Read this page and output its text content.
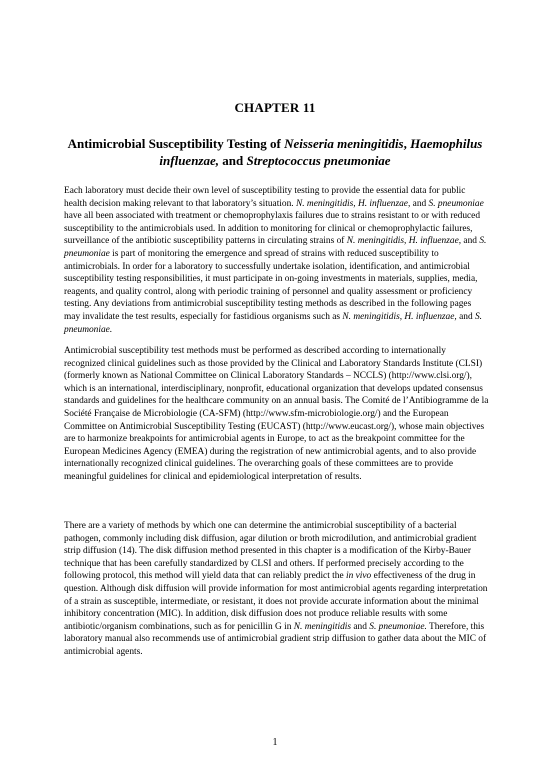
CHAPTER 11
Antimicrobial Susceptibility Testing of Neisseria meningitidis, Haemophilus
influenzae, and Streptococcus pneumoniae

Each laboratory must decide their own level of susceptibility testing to provide the essential data for public health decision making relevant to that laboratory’s situation. N. meningitidis, H. influenzae, and S. pneumoniae have all been associated with treatment or chemoprophylaxis failures due to strains resistant to or with reduced susceptibility to the antimicrobials used. In addition to monitoring for clinical or chemoprophylactic failures, surveillance of the antibiotic susceptibility patterns in circulating strains of N. meningitidis, H. influenzae, and S. pneumoniae is part of monitoring the emergence and spread of strains with reduced susceptibility to antimicrobials. In order for a laboratory to successfully undertake isolation, identification, and antimicrobial susceptibility testing responsibilities, it must participate in on-going investments in materials, supplies, media, reagents, and quality control, along with periodic training of personnel and quality assessment or proficiency testing. Any deviations from antimicrobial susceptibility testing methods as described in the following pages may invalidate the test results, especially for fastidious organisms such as N. meningitidis, H. influenzae, and S. pneumoniae.

Antimicrobial susceptibility test methods must be performed as described according to internationally recognized clinical guidelines such as those provided by the Clinical and Laboratory Standards Institute (CLSI) (formerly known as National Committee on Clinical Laboratory Standards – NCCLS) (http://www.clsi.org/), which is an international, interdisciplinary, nonprofit, educational organization that develops updated consensus standards and guidelines for the healthcare community on an annual basis. The Comité de l’Antibiogramme de la Société Française de Microbiologie (CA-SFM) (http://www.sfm-microbiologie.org/) and the European Committee on Antimicrobial Susceptibility Testing (EUCAST) (http://www.eucast.org/), whose main objectives are to harmonize breakpoints for antimicrobial agents in Europe, to act as the breakpoint committee for the European Medicines Agency (EMEA) during the registration of new antimicrobial agents, and to also provide internationally recognized clinical guidelines. The overarching goals of these committees are to provide meaningful guidelines for clinical and epidemiological interpretation of results.

There are a variety of methods by which one can determine the antimicrobial susceptibility of a bacterial pathogen, commonly including disk diffusion, agar dilution or broth microdilution, and antimicrobial gradient strip diffusion (14). The disk diffusion method presented in this chapter is a modification of the Kirby-Bauer technique that has been carefully standardized by CLSI and others. If performed precisely according to the following protocol, this method will yield data that can reliably predict the in vivo effectiveness of the drug in question. Although disk diffusion will provide information for most antimicrobial agents regarding interpretation of a strain as susceptible, intermediate, or resistant, it does not provide accurate information about the minimal inhibitory concentration (MIC). In addition, disk diffusion does not produce reliable results with some antibiotic/organism combinations, such as for penicillin G in N. meningitidis and S. pneumoniae. Therefore, this laboratory manual also recommends use of antimicrobial gradient strip diffusion to gather data about the MIC of antimicrobial agents.

1
